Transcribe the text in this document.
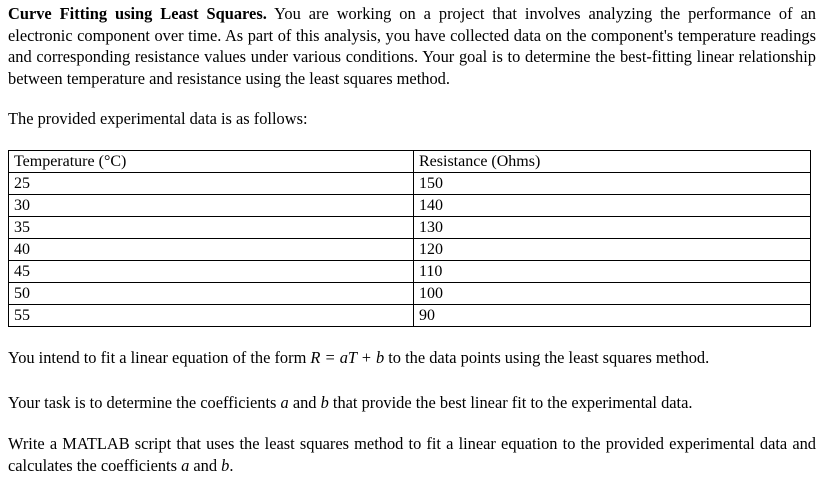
Curve Fitting using Least Squares. You are working on a project that involves analyzing the performance of an electronic component over time. As part of this analysis, you have collected data on the component's temperature readings and corresponding resistance values under various conditions. Your goal is to determine the best-fitting linear relationship between temperature and resistance using the least squares method.
The provided experimental data is as follows:
Temperature (°C)	Resistance (Ohms)
25	150
30	140
35	130
40	120
45	110
50	100
55	90
You intend to fit a linear equation of the form R = aT + b to the data points using the least squares method.
Your task is to determine the coefficients a and b that provide the best linear fit to the experimental data.
Write a MATLAB script that uses the least squares method to fit a linear equation to the provided experimental data and calculates the coefficients a and b.
